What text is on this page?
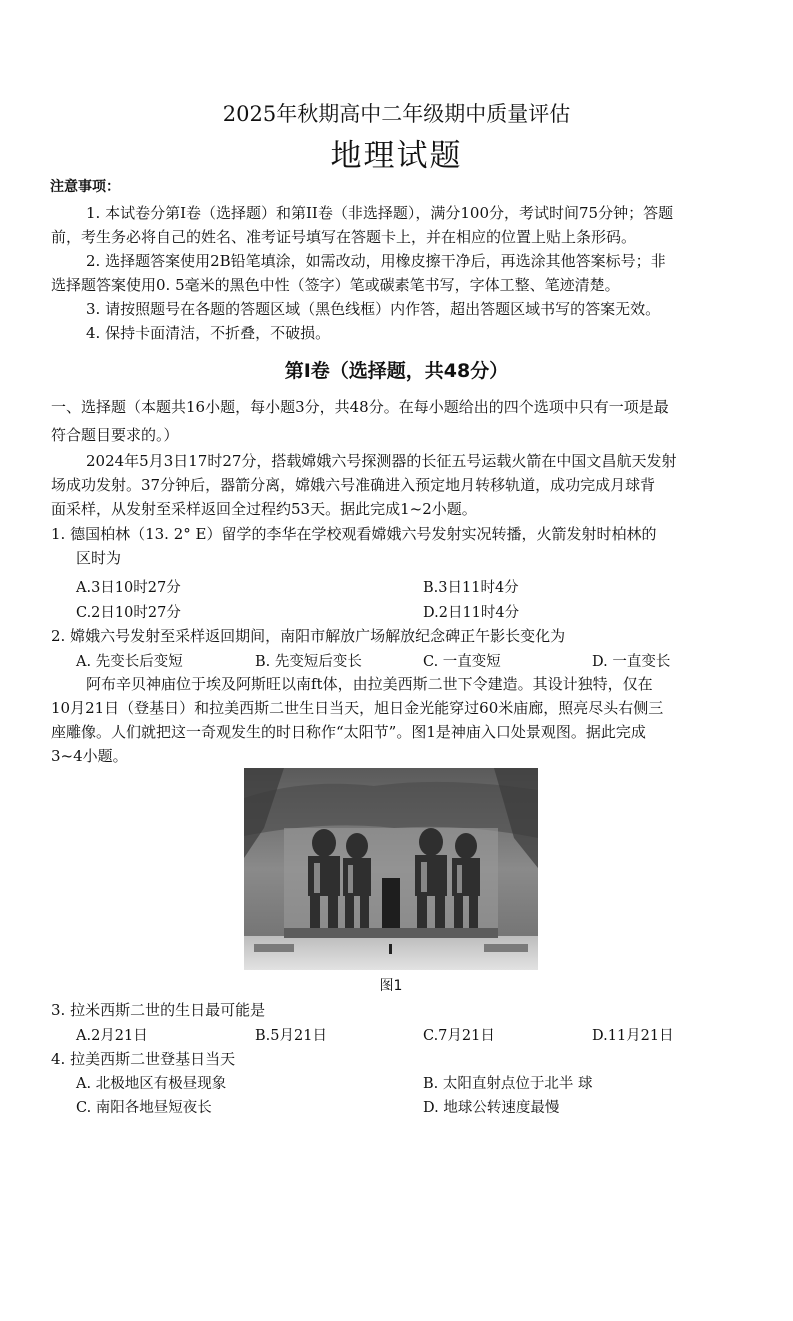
2025年秋期高中二年级期中质量评估
地理试题
注意事项：
1. 本试卷分第I卷（选择题）和第II卷（非选择题），满分100分，考试时间75分钟；答题
前，考生务必将自己的姓名、准考证号填写在答题卡上，并在相应的位置上贴上条形码。
2. 选择题答案使用2B铅笔填涂，如需改动，用橡皮擦干净后，再选涂其他答案标号；非
选择题答案使用0. 5毫米的黑色中性（签字）笔或碳素笔书写，字体工整、笔迹清楚。
3. 请按照题号在各题的答题区域（黑色线框）内作答，超出答题区域书写的答案无效。
4. 保持卡面清洁，不折叠，不破损。
第I卷（选择题，共48分）
一、选择题（本题共16小题，每小题3分，共48分。在每小题给出的四个选项中只有一项是最
符合题目要求的。）
2024年5月3日17时27分，搭载嫦娥六号探测器的长征五号运载火箭在中国文昌航天发射
场成功发射。37分钟后，器箭分离，嫦娥六号准确进入预定地月转移轨道，成功完成月球背
面采样，从发射至采样返回全过程约53天。据此完成1~2小题。
1. 德国柏林（13. 2° E）留学的李华在学校观看嫦娥六号发射实况转播，火箭发射时柏林的
区时为
A.3日10时27分	B.3日11时4分
C.2日10时27分	D.2日11时4分
2. 嫦娥六号发射至采样返回期间，南阳市解放广场解放纪念碑正午影长变化为
A. 先变长后变短	B. 先变短后变长	C. 一直变短	D. 一直变长
阿布辛贝神庙位于埃及阿斯旺以南ft体，由拉美西斯二世下令建造。其设计独特，仅在
10月21日（登基日）和拉美西斯二世生日当天，旭日金光能穿过60米庙廊，照亮尽头右侧三
座雕像。人们就把这一奇观发生的时日称作“太阳节”。图1是神庙入口处景观图。据此完成
3~4小题。
图1
3. 拉米西斯二世的生日最可能是
A.2月21日	B.5月21日	C.7月21日	D.11月21日
4. 拉美西斯二世登基日当天
A. 北极地区有极昼现象	B. 太阳直射点位于北半 球
C. 南阳各地昼短夜长	D. 地球公转速度最慢
